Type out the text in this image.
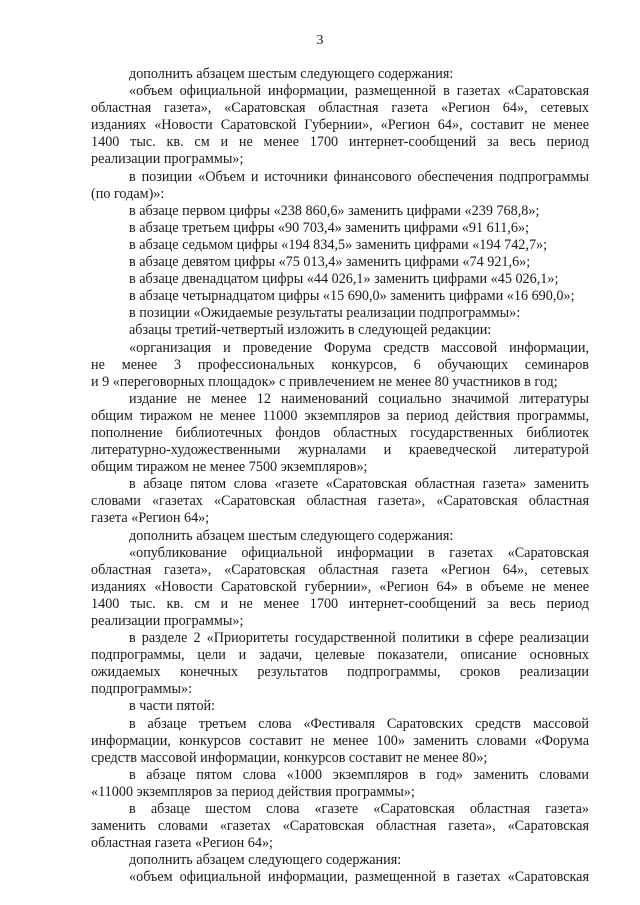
3
дополнить абзацем шестым следующего содержания:
«объем официальной информации, размещенной в газетах «Саратовская
областная газета», «Саратовская областная газета «Регион 64», сетевых
изданиях «Новости Саратовской Губернии», «Регион 64», составит не менее
1400 тыс. кв. см и не менее 1700 интернет-сообщений за весь период
реализации программы»;
в позиции «Объем и источники финансового обеспечения подпрограммы
(по годам)»:
в абзаце первом цифры «238 860,6» заменить цифрами «239 768,8»;
в абзаце третьем цифры «90 703,4» заменить цифрами «91 611,6»;
в абзаце седьмом цифры «194 834,5» заменить цифрами «194 742,7»;
в абзаце девятом цифры «75 013,4» заменить цифрами «74 921,6»;
в абзаце двенадцатом цифры «44 026,1» заменить цифрами «45 026,1»;
в абзаце четырнадцатом цифры «15 690,0» заменить цифрами «16 690,0»;
в позиции «Ожидаемые результаты реализации подпрограммы»:
абзацы третий-четвертый изложить в следующей редакции:
«организация и проведение Форума средств массовой информации,
не менее 3 профессиональных конкурсов, 6 обучающих семинаров
и 9 «переговорных площадок» с привлечением не менее 80 участников в год;
издание не менее 12 наименований социально значимой литературы
общим тиражом не менее 11000 экземпляров за период действия программы,
пополнение библиотечных фондов областных государственных библиотек
литературно-художественными журналами и краеведческой литературой
общим тиражом не менее 7500 экземпляров»;
в абзаце пятом слова «газете «Саратовская областная газета» заменить
словами «газетах «Саратовская областная газета», «Саратовская областная
газета «Регион 64»;
дополнить абзацем шестым следующего содержания:
«опубликование официальной информации в газетах «Саратовская
областная газета», «Саратовская областная газета «Регион 64», сетевых
изданиях «Новости Саратовской губернии», «Регион 64» в объеме не менее
1400 тыс. кв. см и не менее 1700 интернет-сообщений за весь период
реализации программы»;
в разделе 2 «Приоритеты государственной политики в сфере реализации
подпрограммы, цели и задачи, целевые показатели, описание основных
ожидаемых конечных результатов подпрограммы, сроков реализации
подпрограммы»:
в части пятой:
в абзаце третьем слова «Фестиваля Саратовских средств массовой
информации, конкурсов составит не менее 100» заменить словами «Форума
средств массовой информации, конкурсов составит не менее 80»;
в абзаце пятом слова «1000 экземпляров в год» заменить словами
«11000 экземпляров за период действия программы»;
в абзаце шестом слова «газете «Саратовская областная газета»
заменить словами «газетах «Саратовская областная газета», «Саратовская
областная газета «Регион 64»;
дополнить абзацем следующего содержания:
«объем официальной информации, размещенной в газетах «Саратовская
